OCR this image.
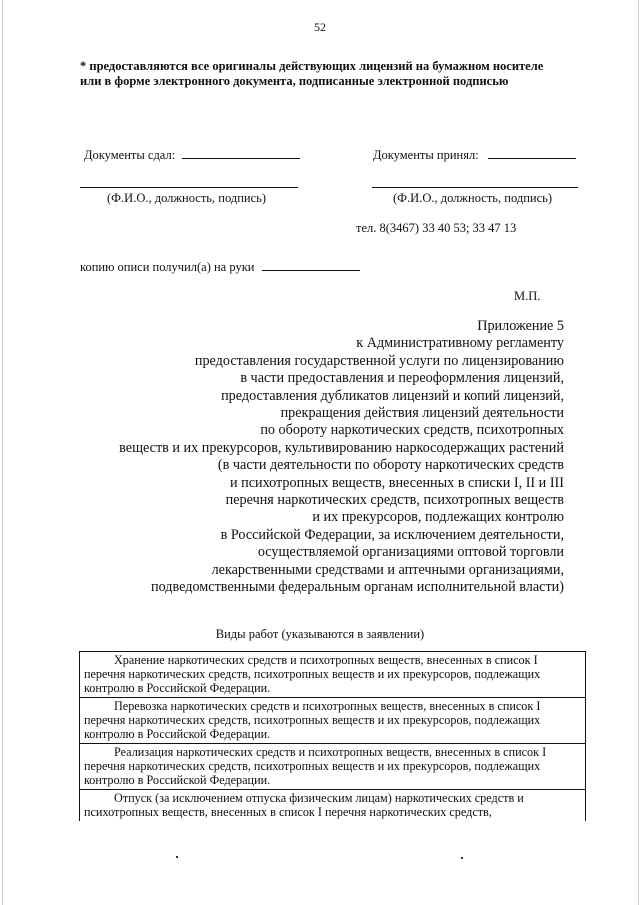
52
* предоставляются все оригиналы действующих лицензий на бумажном носителе
или в форме электронного документа, подписанные электронной подписью
Документы сдал:	Документы принял:
(Ф.И.О., должность, подпись)	(Ф.И.О., должность, подпись)
тел. 8(3467) 33 40 53; 33 47 13
копию описи получил(а) на руки
М.П.
Приложение 5
к Административному регламенту
предоставления государственной услуги по лицензированию
в части предоставления и переоформления лицензий,
предоставления дубликатов лицензий и копий лицензий,
прекращения действия лицензий деятельности
по обороту наркотических средств, психотропных
веществ и их прекурсоров, культивированию наркосодержащих растений
(в части деятельности по обороту наркотических средств
и психотропных веществ, внесенных в списки I, II и III
перечня наркотических средств, психотропных веществ
и их прекурсоров, подлежащих контролю
в Российской Федерации, за исключением деятельности,
осуществляемой организациями оптовой торговли
лекарственными средствами и аптечными организациями,
подведомственными федеральным органам исполнительной власти)
Виды работ (указываются в заявлении)
Хранение наркотических средств и психотропных веществ, внесенных в список I
перечня наркотических средств, психотропных веществ и их прекурсоров, подлежащих
контролю в Российской Федерации.

Перевозка наркотических средств и психотропных веществ, внесенных в список I
перечня наркотических средств, психотропных веществ и их прекурсоров, подлежащих
контролю в Российской Федерации.

Реализация наркотических средств и психотропных веществ, внесенных в список I
перечня наркотических средств, психотропных веществ и их прекурсоров, подлежащих
контролю в Российской Федерации.

Отпуск (за исключением отпуска физическим лицам) наркотических средств и
психотропных веществ, внесенных в список I перечня наркотических средств,
